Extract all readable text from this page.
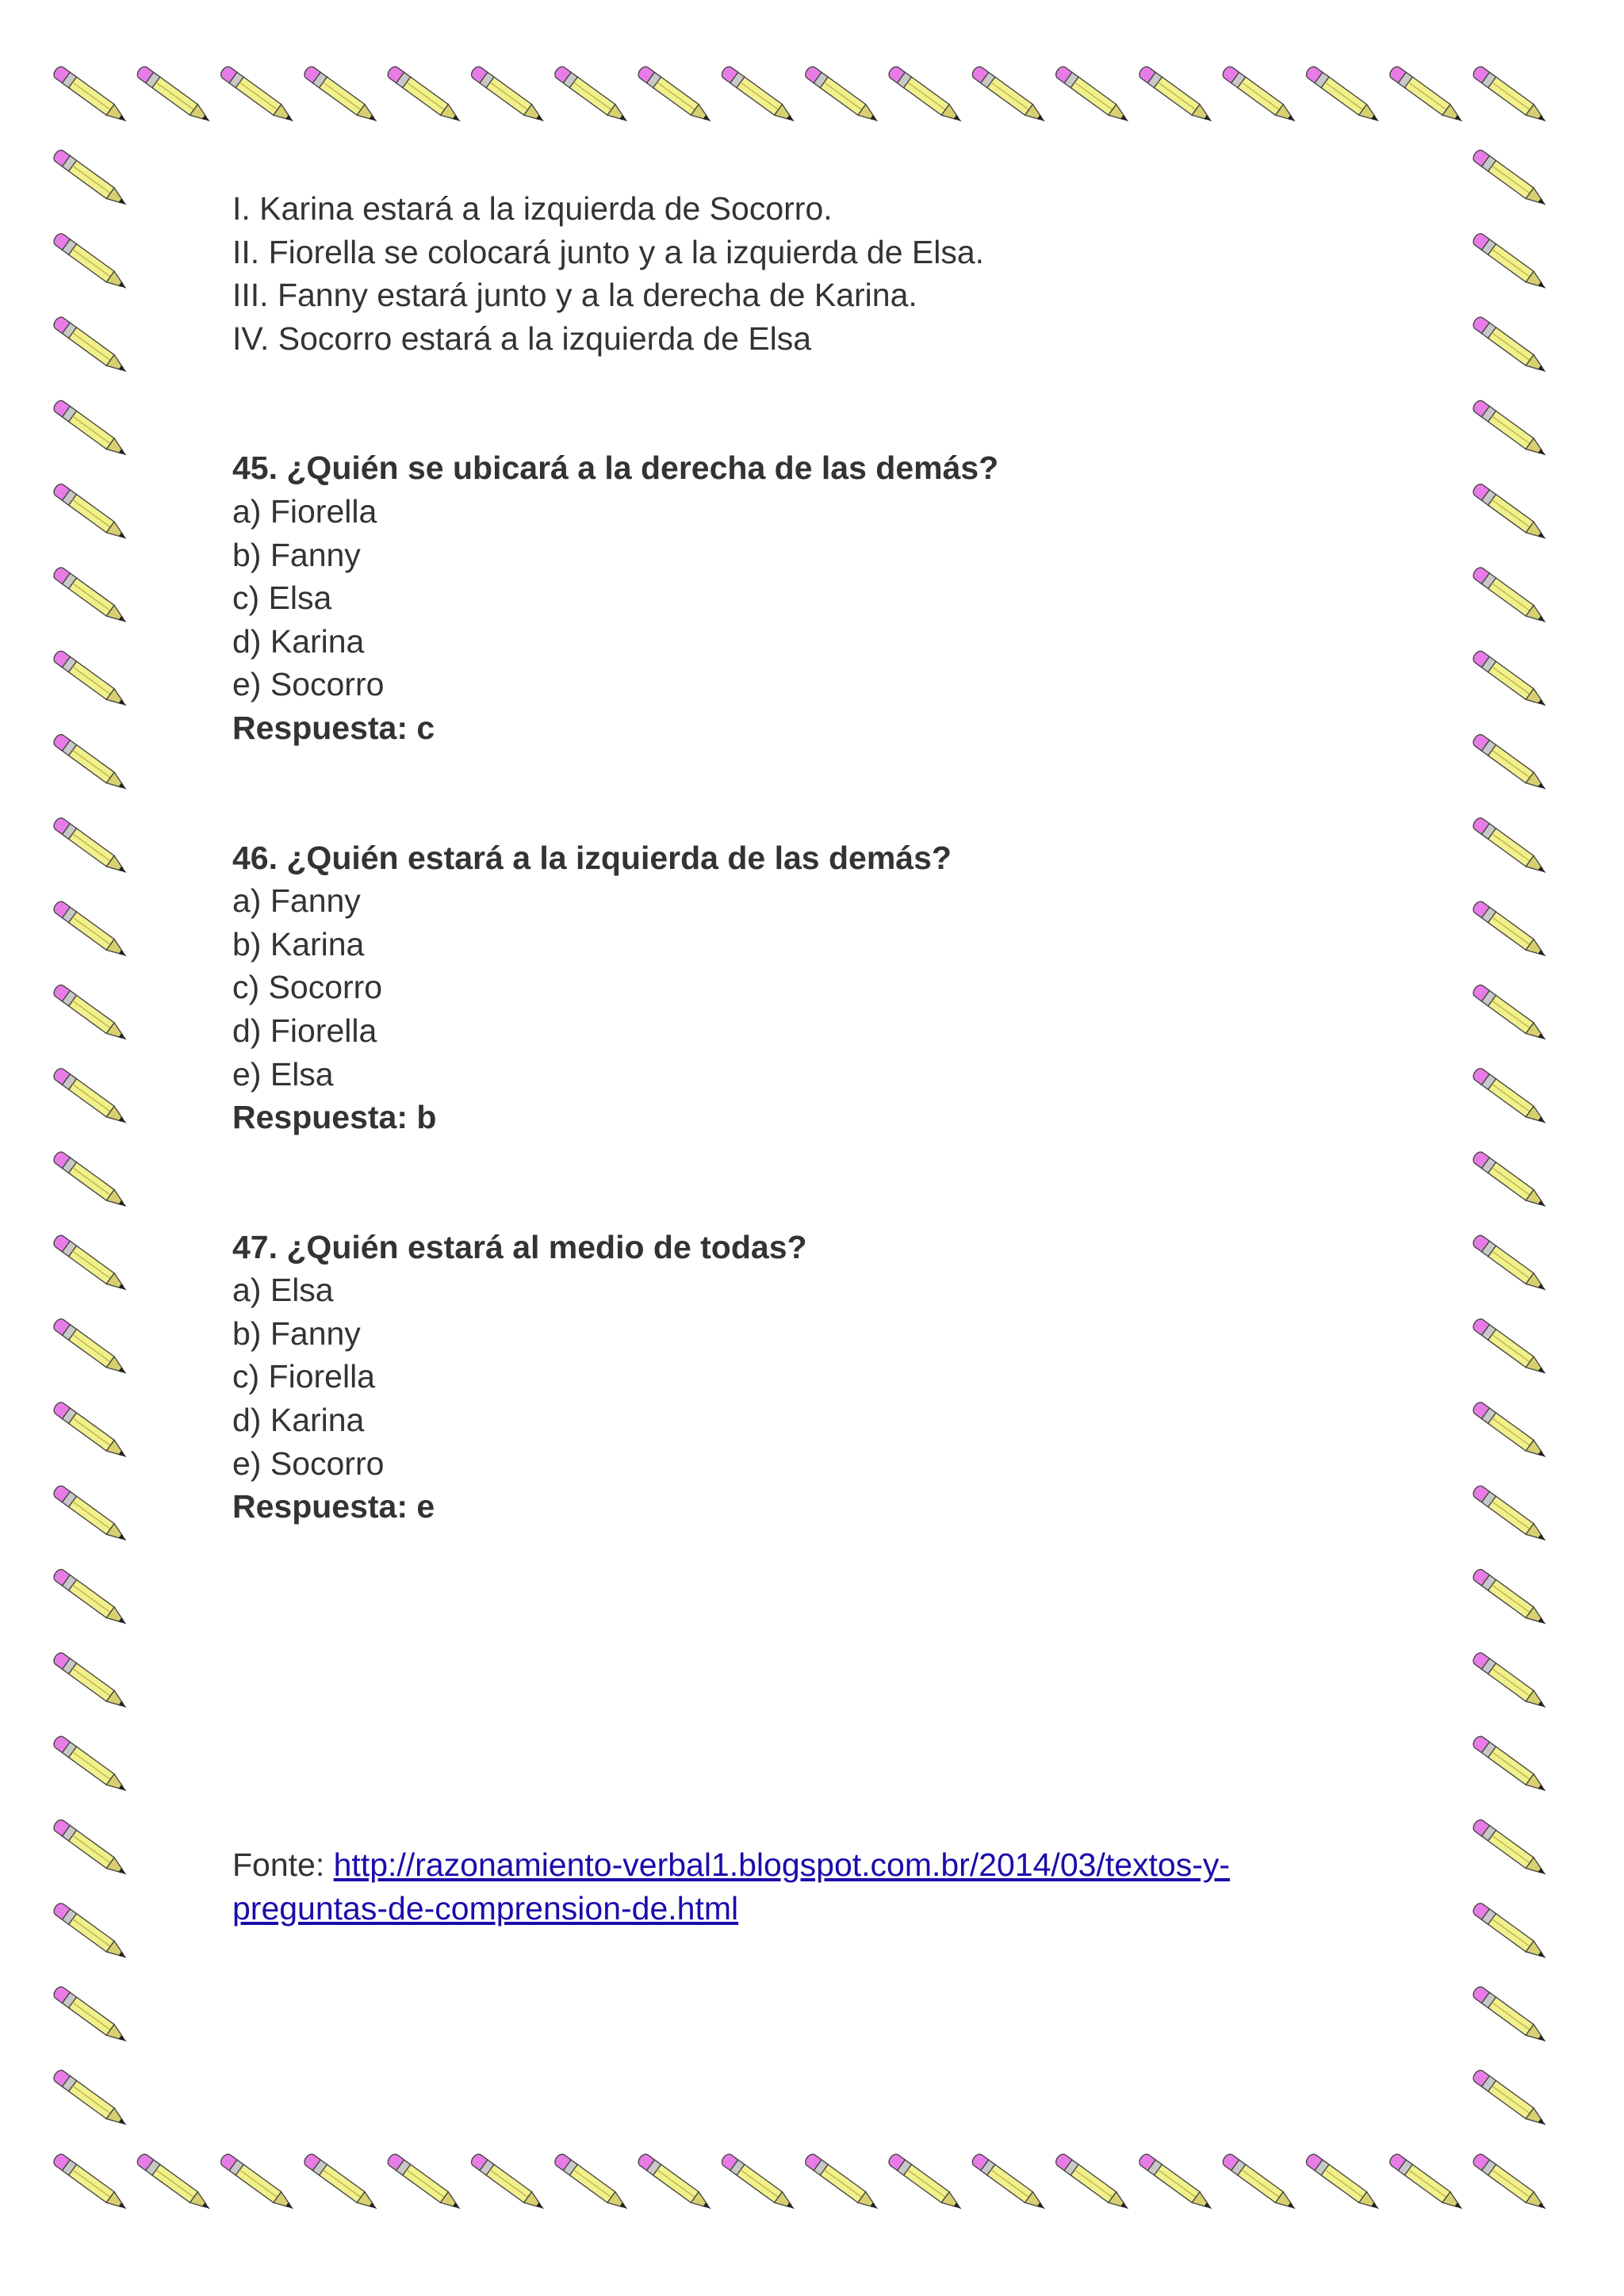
I. Karina estará a la izquierda de Socorro.

II. Fiorella se colocará junto y a la izquierda de Elsa.

III. Fanny estará junto y a la derecha de Karina.

IV. Socorro estará a la izquierda de Elsa

45. ¿Quién se ubicará a la derecha de las demás?

a) Fiorella

b) Fanny

c) Elsa

d) Karina

e) Socorro

Respuesta: c

46. ¿Quién estará a la izquierda de las demás?

a) Fanny

b) Karina

c) Socorro

d) Fiorella

e) Elsa

Respuesta: b

47. ¿Quién estará al medio de todas?

a) Elsa

b) Fanny

c) Fiorella

d) Karina

e) Socorro

Respuesta: e

Fonte: http://razonamiento-verbal1.blogspot.com.br/2014/03/textos-y-

preguntas-de-comprension-de.html
